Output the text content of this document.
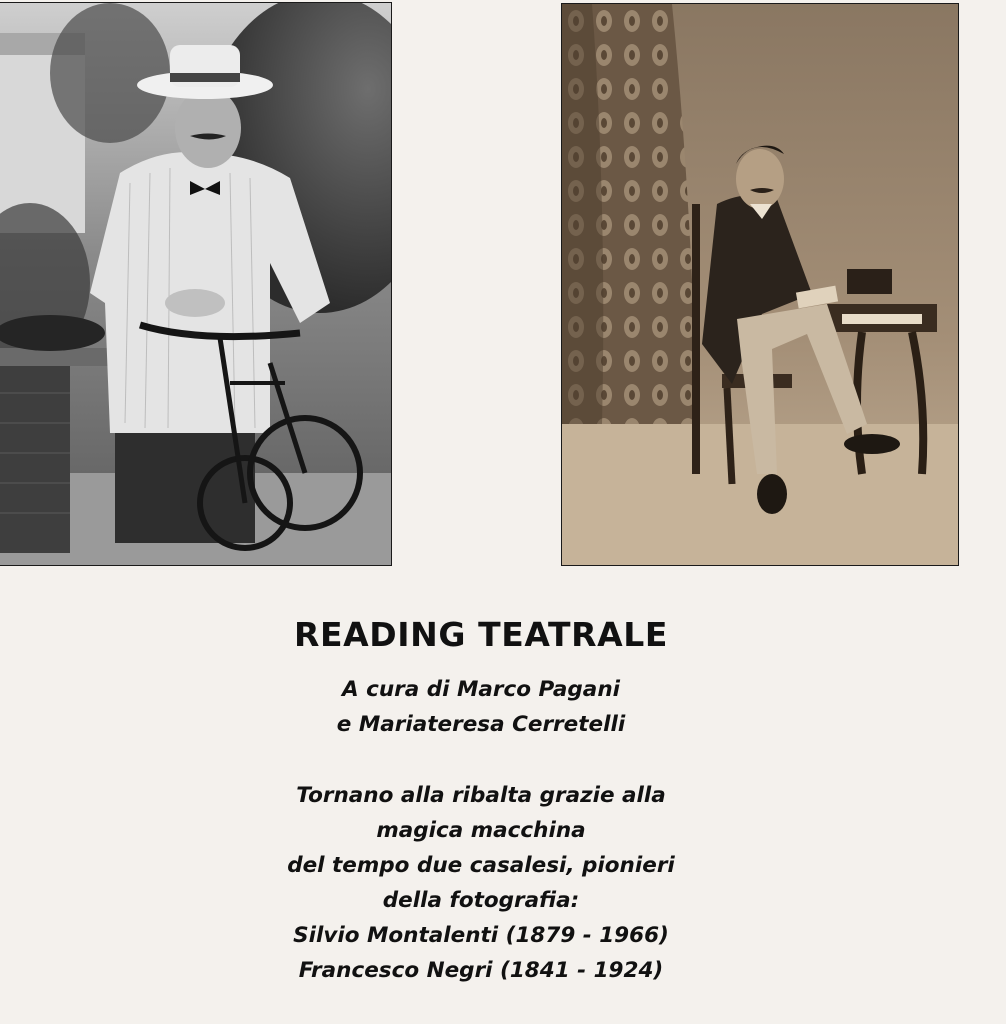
READING TEATRALE
A cura di Marco Pagani
e Mariateresa Cerretelli
Tornano alla ribalta grazie alla
magica macchina
del tempo due casalesi, pionieri
della fotografia:
Silvio Montalenti (1879 - 1966)
Francesco Negri (1841 - 1924)
